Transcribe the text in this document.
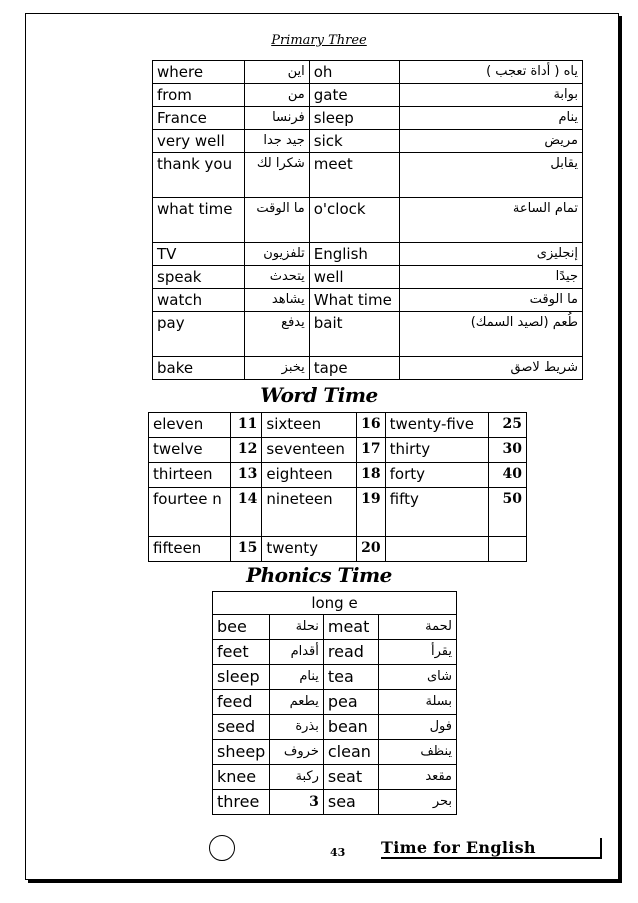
Primary Three
where	اين	oh	ياه ( أداة تعجب )
from	من	gate	بوابة
France	فرنسا	sleep	ينام
very well	جيد جدا	sick	مريض
thank you	شكرا لك	meet	يقابل
what time	ما الوقت	o'clock	تمام الساعة
TV	تلفزيون	English	إنجليزى
speak	يتحدث	well	جيدًا
watch	يشاهد	What time	ما الوقت
pay	يدفع	bait	طُعم (لصيد السمك)
bake	يخبز	tape	شريط لاصق
Word Time
eleven	11	sixteen	16	twenty-five	25
twelve	12	seventeen	17	thirty	30
thirteen	13	eighteen	18	forty	40
fourtee n	14	nineteen	19	fifty	50
fifteen	15	twenty	20		
Phonics Time
long e			
bee	نحلة	meat	لحمة
feet	أقدام	read	يقرأ
sleep	ينام	tea	شاى
feed	يطعم	pea	بسلة
seed	بذرة	bean	فول
sheep	خروف	clean	ينظف
knee	ركبة	seat	مقعد
three	3	sea	بحر
43 Time for English
